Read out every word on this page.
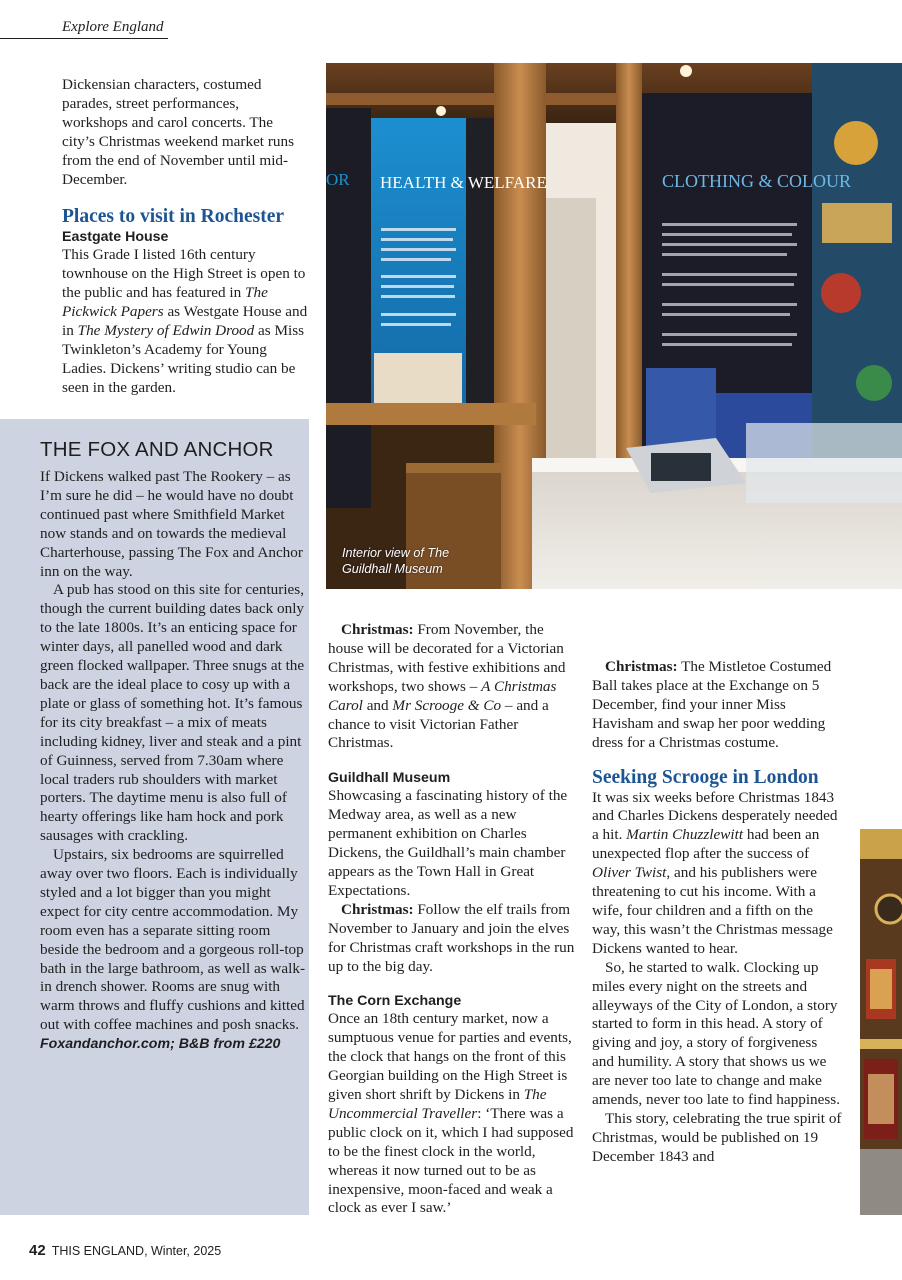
Explore England

Dickensian characters, costumed parades, street performances, workshops and carol concerts. The city’s Christmas weekend market runs from the end of November until mid-December.

Places to visit in Rochester
Eastgate House

This Grade I listed 16th century townhouse on the High Street is open to the public and has featured in The Pickwick Papers as Westgate House and in The Mystery of Edwin Drood as Miss Twinkleton’s Academy for Young Ladies. Dickens’ writing studio can be seen in the garden.

THE FOX AND ANCHOR

If Dickens walked past The Rookery – as I’m sure he did – he would have no doubt continued past where Smithfield Market now stands and on towards the medieval Charterhouse, passing The Fox and Anchor inn on the way.

A pub has stood on this site for centuries, though the current building dates back only to the late 1800s. It’s an enticing space for winter days, all panelled wood and dark green flocked wallpaper. Three snugs at the back are the ideal place to cosy up with a plate or glass of something hot. It’s famous for its city breakfast – a mix of meats including kidney, liver and steak and a pint of Guinness, served from 7.30am where local traders rub shoulders with market porters. The daytime menu is also full of hearty offerings like ham hock and pork sausages with crackling.

Upstairs, six bedrooms are squirrelled away over two floors. Each is individually styled and a lot bigger than you might expect for city centre accommodation. My room even has a separate sitting room beside the bedroom and a gorgeous roll-top bath in the large bathroom, as well as walk-in drench shower. Rooms are snug with warm throws and fluffy cushions and kitted out with coffee machines and posh snacks.

Foxandanchor.com; B&B from £220
HEALTH & WELFARE
OR	CLOTHING & COLOUR
Interior view of The Guildhall Museum

Christmas: From November, the house will be decorated for a Victorian Christmas, with festive exhibitions and workshops, two shows – A Christmas Carol and Mr Scrooge & Co – and a chance to visit Victorian Father Christmas.

Guildhall Museum

Showcasing a fascinating history of the Medway area, as well as a new permanent exhibition on Charles Dickens, the Guildhall’s main chamber appears as the Town Hall in Great Expectations.

Christmas: Follow the elf trails from November to January and join the elves for Christmas craft workshops in the run up to the big day.

The Corn Exchange

Once an 18th century market, now a sumptuous venue for parties and events, the clock that hangs on the front of this Georgian building on the High Street is given short shrift by Dickens in The Uncommercial Traveller: ‘There was a public clock on it, which I had supposed to be the finest clock in the world, whereas it now turned out to be as inexpensive, moon-faced and weak a clock as ever I saw.’

Christmas: The Mistletoe Costumed Ball takes place at the Exchange on 5 December, find your inner Miss Havisham and swap her poor wedding dress for a Christmas costume.

Seeking Scrooge in London

It was six weeks before Christmas 1843 and Charles Dickens desperately needed a hit. Martin Chuzzlewitt had been an unexpected flop after the success of Oliver Twist, and his publishers were threatening to cut his income. With a wife, four children and a fifth on the way, this wasn’t the Christmas message Dickens wanted to hear.

So, he started to walk. Clocking up miles every night on the streets and alleyways of the City of London, a story started to form in this head. A story of giving and joy, a story of forgiveness and humility. A story that shows us we are never too late to change and make amends, never too late to find happiness.

This story, celebrating the true spirit of Christmas, would be published on 19 December 1843 and

42 THIS ENGLAND, Winter, 2025
